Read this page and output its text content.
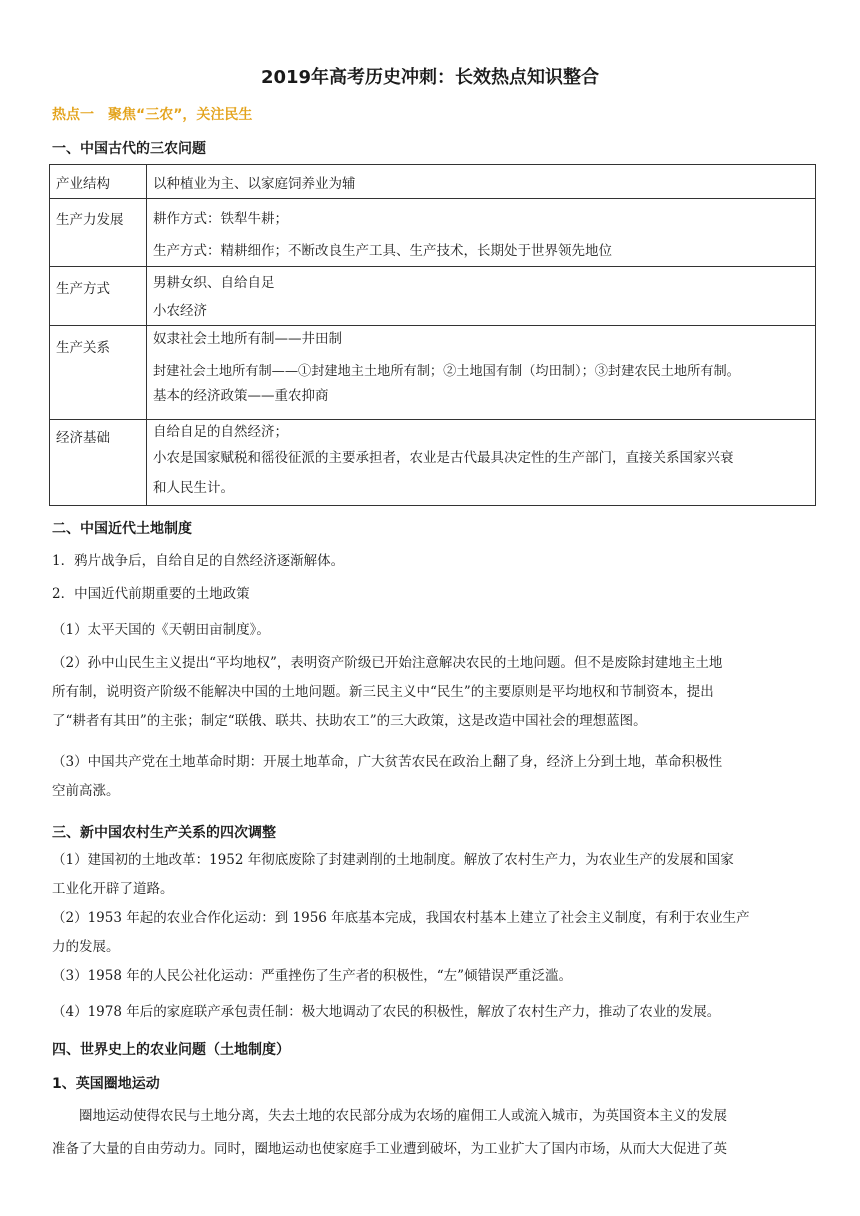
2019年高考历史冲刺：长效热点知识整合
热点一　聚焦“三农”，关注民生
一、中国古代的三农问题
产业结构	以种植业为主、以家庭饲养业为辅

生产力发展	耕作方式：铁犁牛耕；
生产方式：精耕细作；不断改良生产工具、生产技术，长期处于世界领先地位

生产方式	男耕女织、自给自足
小农经济

生产关系	奴隶社会土地所有制——井田制
封建社会土地所有制——①封建地主土地所有制；②土地国有制（均田制）；③封建农民土地所有制。
基本的经济政策——重农抑商

经济基础	自给自足的自然经济；
小农是国家赋税和徭役征派的主要承担者，农业是古代最具决定性的生产部门，直接关系国家兴衰
和人民生计。
二、中国近代土地制度
1．鸦片战争后，自给自足的自然经济逐渐解体。
2．中国近代前期重要的土地政策
（1）太平天国的《天朝田亩制度》。
（2）孙中山民生主义提出“平均地权”，表明资产阶级已开始注意解决农民的土地问题。但不是废除封建地主土地
所有制，说明资产阶级不能解决中国的土地问题。新三民主义中“民生”的主要原则是平均地权和节制资本，提出
了“耕者有其田”的主张；制定“联俄、联共、扶助农工”的三大政策，这是改造中国社会的理想蓝图。
（3）中国共产党在土地革命时期：开展土地革命，广大贫苦农民在政治上翻了身，经济上分到土地，革命积极性
空前高涨。
三、新中国农村生产关系的四次调整
（1）建国初的土地改革：1952 年彻底废除了封建剥削的土地制度。解放了农村生产力，为农业生产的发展和国家
工业化开辟了道路。
（2）1953 年起的农业合作化运动：到 1956 年底基本完成，我国农村基本上建立了社会主义制度，有利于农业生产
力的发展。
（3）1958 年的人民公社化运动：严重挫伤了生产者的积极性，“左”倾错误严重泛滥。
（4）1978 年后的家庭联产承包责任制：极大地调动了农民的积极性，解放了农村生产力，推动了农业的发展。
四、世界史上的农业问题（土地制度）
1、英国圈地运动
　　圈地运动使得农民与土地分离，失去土地的农民部分成为农场的雇佣工人或流入城市，为英国资本主义的发展
准备了大量的自由劳动力。同时，圈地运动也使家庭手工业遭到破坏，为工业扩大了国内市场，从而大大促进了英
